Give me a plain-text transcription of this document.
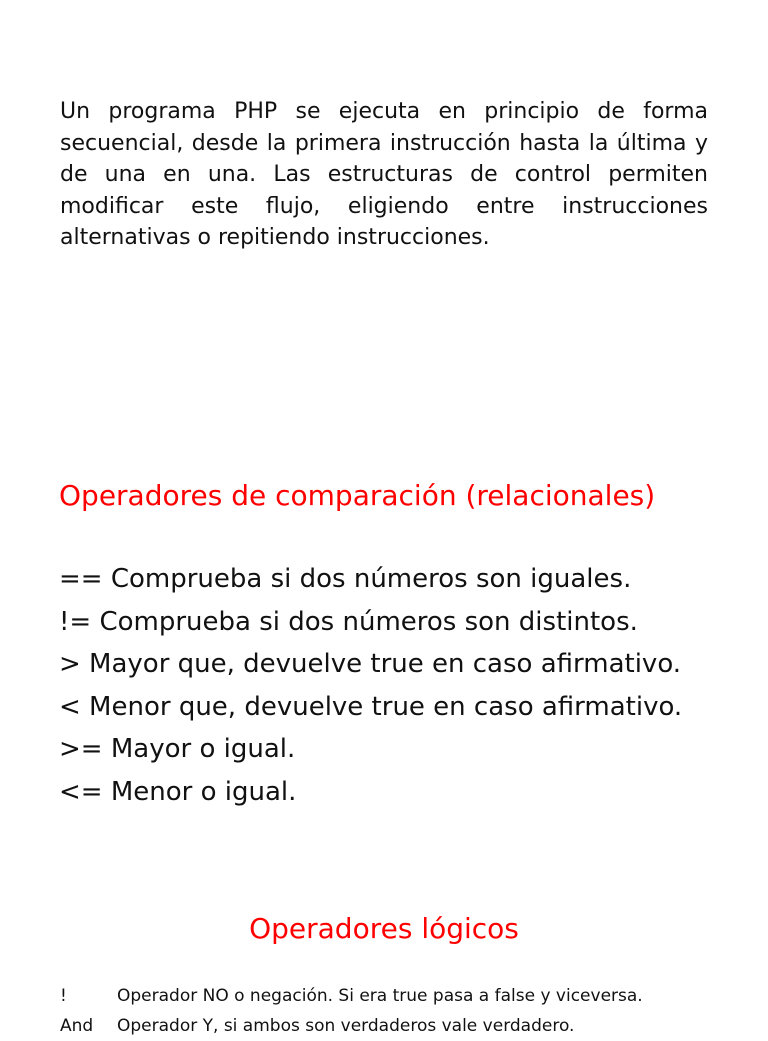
Un programa PHP se ejecuta en principio de forma secuencial, desde la primera instrucción hasta la última y de una en una. Las estructuras de control permiten modificar este flujo, eligiendo entre instrucciones alternativas o repitiendo instrucciones.

Operadores de comparación (relacionales)
== Comprueba si dos números son iguales.
!= Comprueba si dos números son distintos.
> Mayor que, devuelve true en caso afirmativo.
< Menor que, devuelve true en caso afirmativo.
>= Mayor o igual.
<= Menor o igual.
Operadores lógicos
!	Operador NO o negación. Si era true pasa a false y viceversa.
And	Operador Y, si ambos son verdaderos vale verdadero.
